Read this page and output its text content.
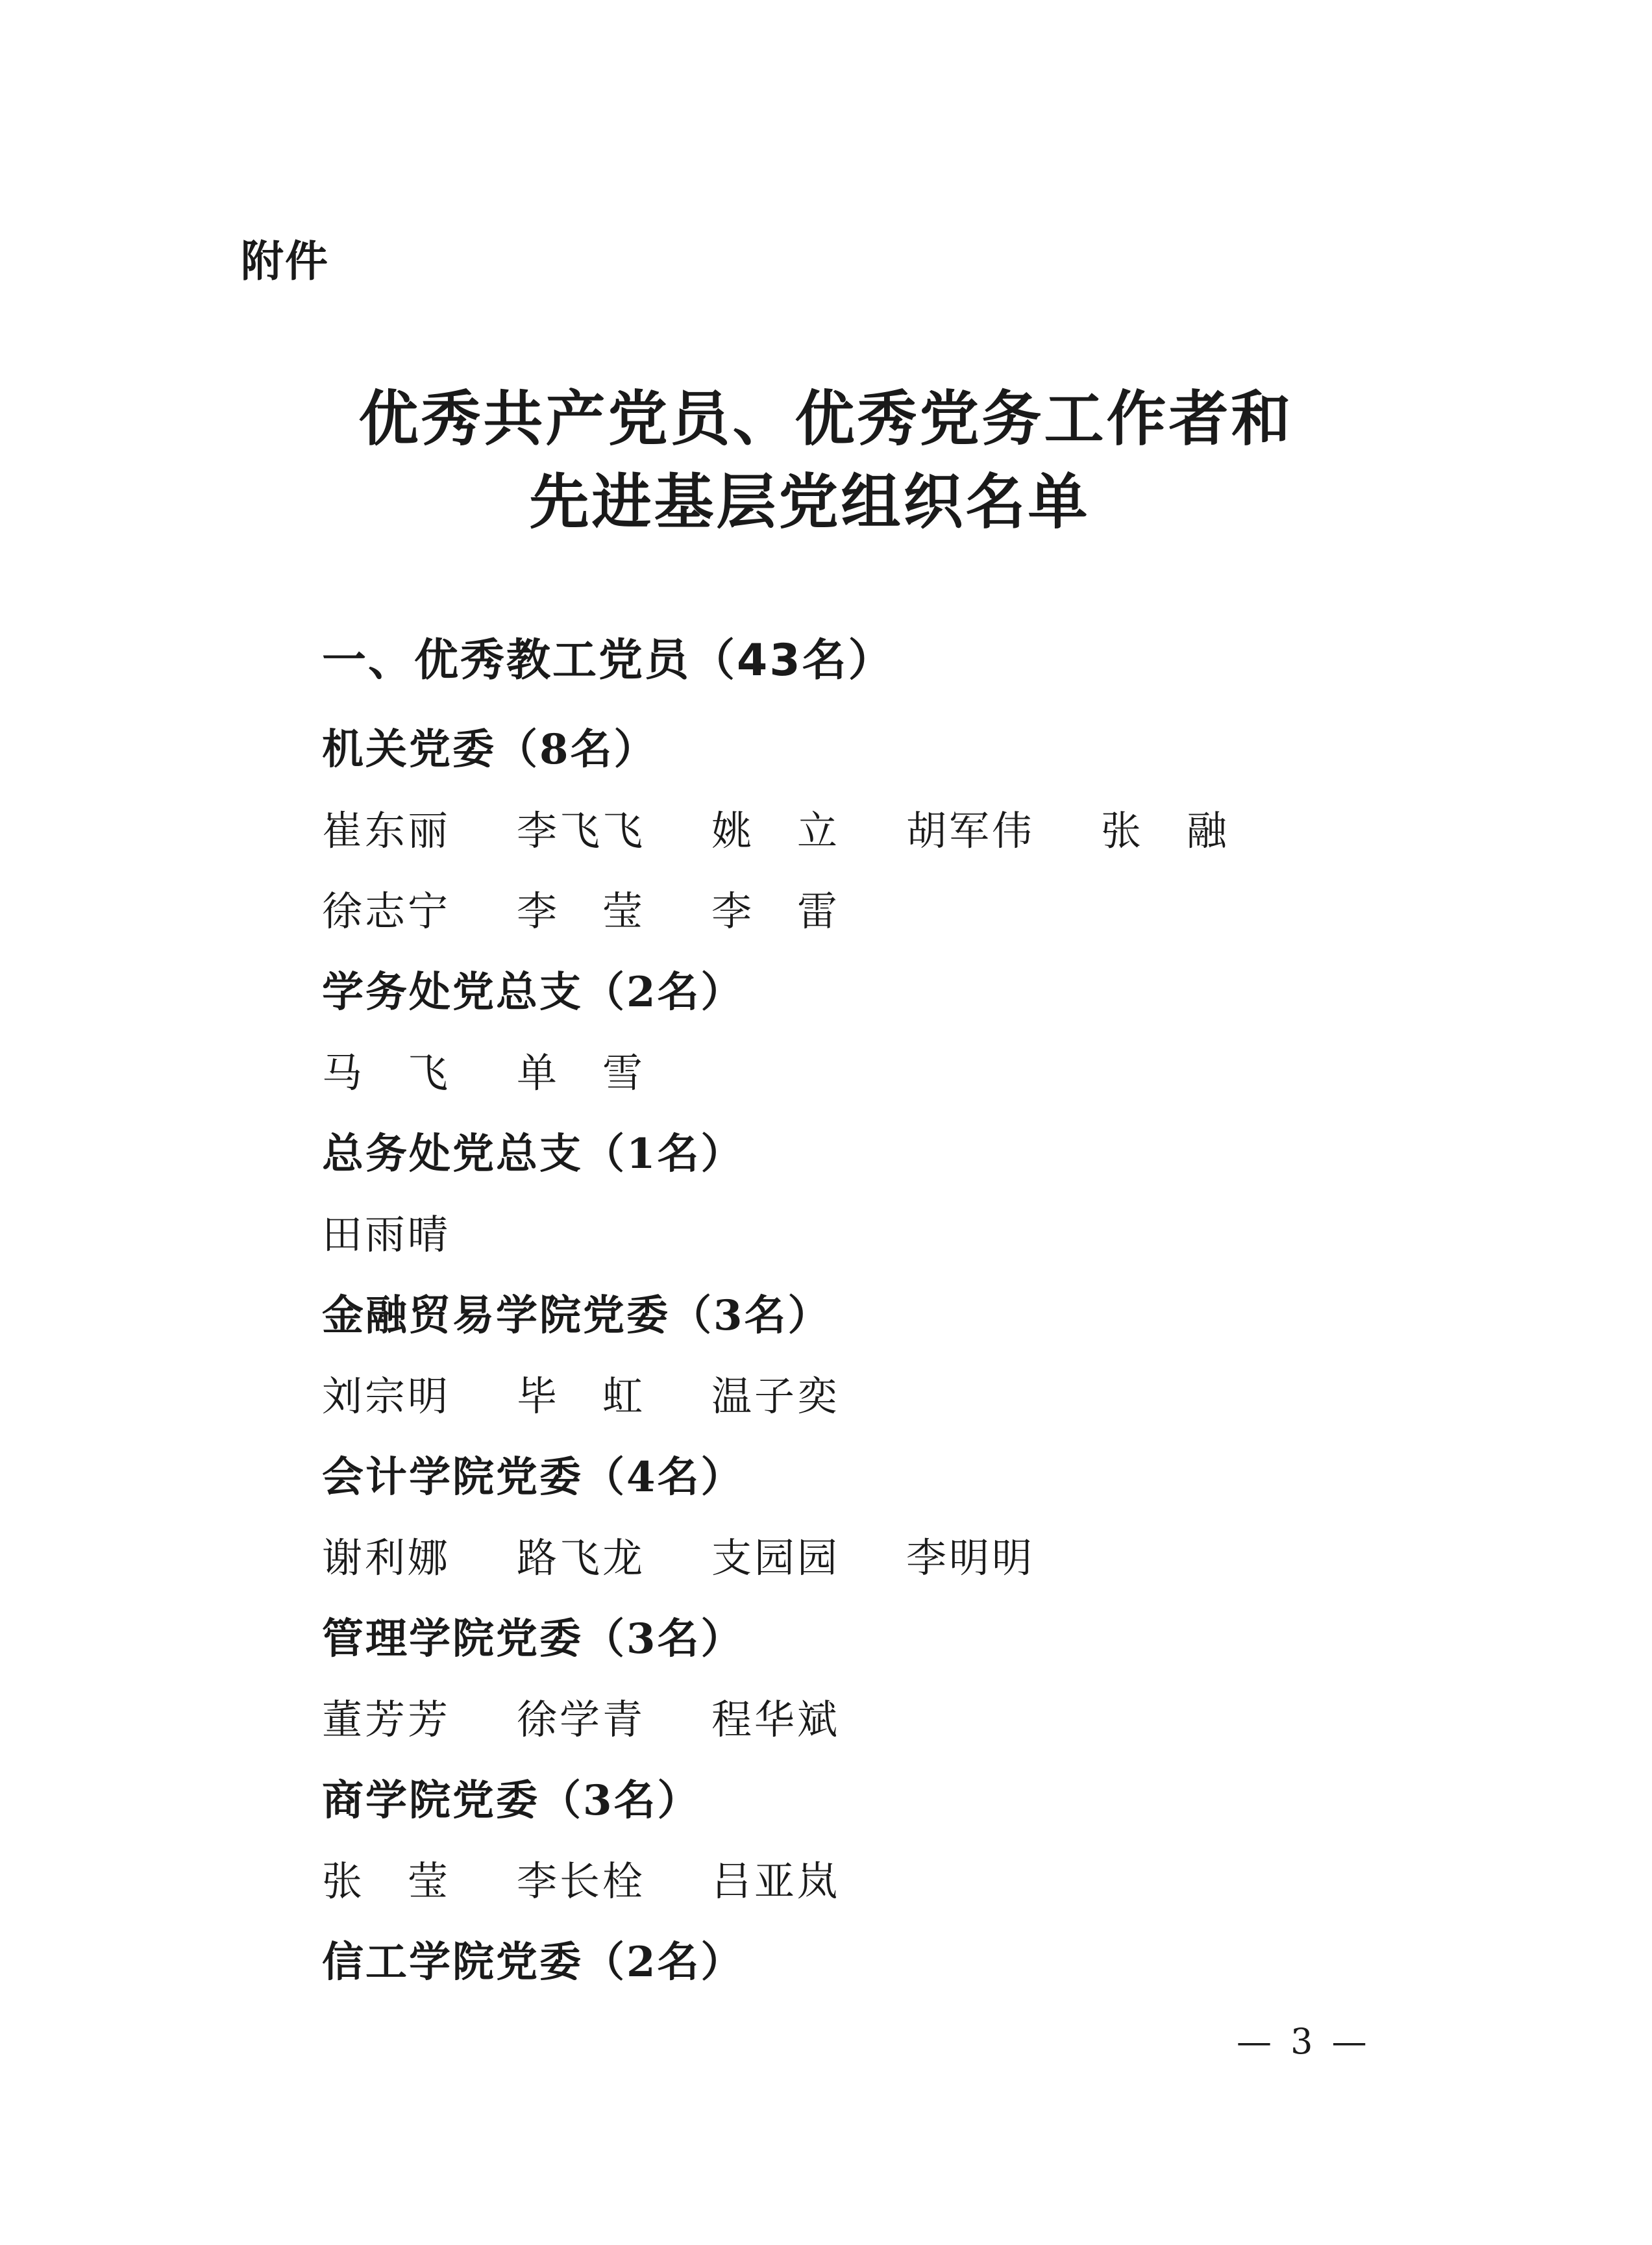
附件
优秀共产党员、优秀党务工作者和
先进基层党组织名单
一、优秀教工党员（43名）
机关党委（8名）
崔东丽	李飞飞	姚　立	胡军伟	张　融
徐志宁	李　莹	李　雷
学务处党总支（2名）
马　飞	单　雪
总务处党总支（1名）
田雨晴
金融贸易学院党委（3名）
刘宗明	毕　虹	温子奕
会计学院党委（4名）
谢利娜	路飞龙	支园园	李明明
管理学院党委（3名）
董芳芳	徐学青	程华斌
商学院党委（3名）
张　莹	李长栓	吕亚岚
信工学院党委（2名）
— 3 —
